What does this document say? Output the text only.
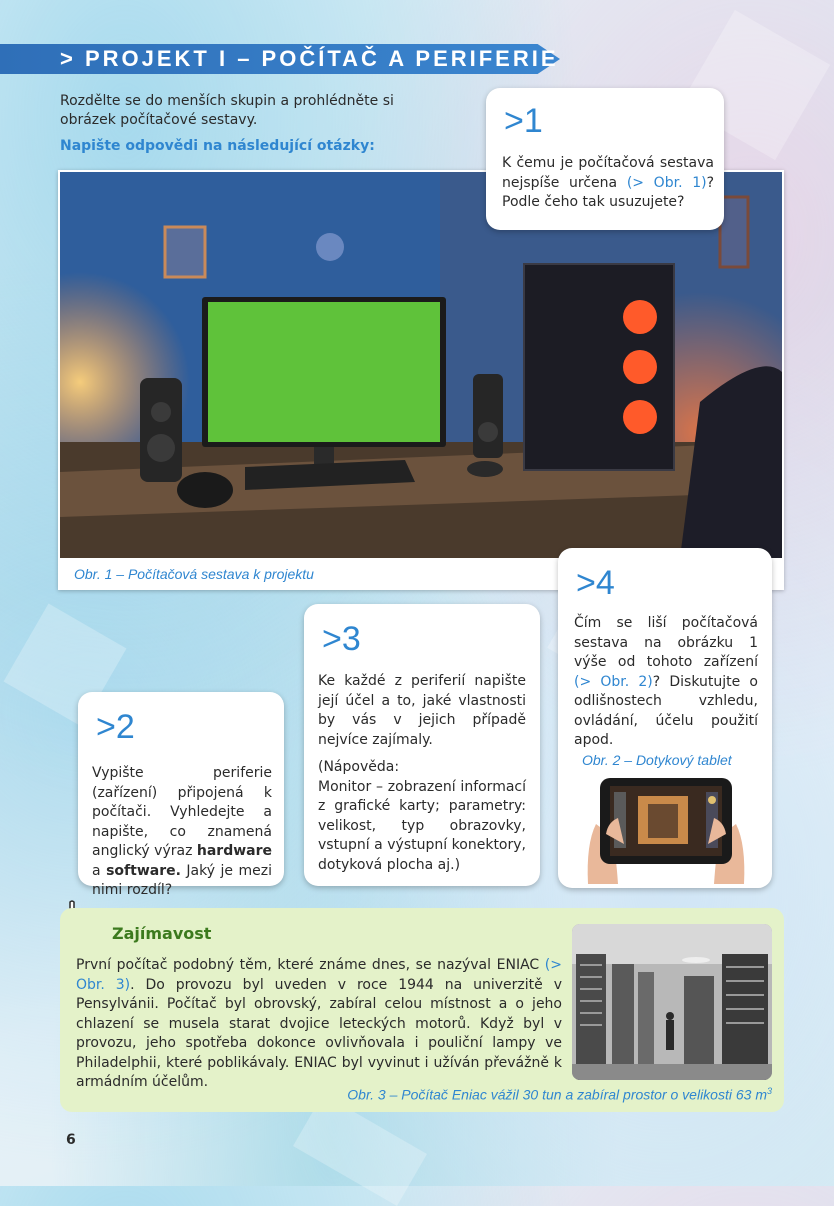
> PROJEKT I – POČÍTAČ A PERIFERIE
Rozdělte se do menších skupin a prohlédněte si obrázek počítačové sestavy.
Napište odpovědi na následující otázky:
Obr. 1 – Počítačová sestava k projektu
>1
K čemu je počítačová sestava nejspíše určena (> Obr. 1)? Podle čeho tak usuzujete?
>2
Vypište periferie (zařízení) připojená k počítači. Vyhledejte a napište, co znamená anglický výraz hardware a software. Jaký je mezi nimi rozdíl?
>3
Ke každé z periferií napište její účel a to, jaké vlastnosti by vás v jejich případě nejvíce zajímaly.
(Nápověda:
Monitor – zobrazení informací z grafické karty; parametry: velikost, typ obrazovky, vstupní a výstupní konektory, dotyková plocha aj.)
>4
Čím se liší počítačová sestava na obrázku 1 výše od tohoto zařízení (> Obr. 2)? Diskutujte o odlišnostech vzhledu, ovládání, účelu použití apod.
Obr. 2 – Dotykový tablet
Zajímavost
První počítač podobný těm, které známe dnes, se nazýval ENIAC (> Obr. 3). Do provozu byl uveden v roce 1944 na univerzitě v Pensylvánii. Počítač byl obrovský, zabíral celou místnost a o jeho chlazení se musela starat dvojice leteckých motorů. Když byl v provozu, jeho spotřeba dokonce ovlivňovala i pouliční lampy ve Philadelphii, které poblikávaly. ENIAC byl vyvinut i užíván převážně k armádním účelům.
Obr. 3 – Počítač Eniac vážil 30 tun a zabíral prostor o velikosti 63 $m^3$
6
